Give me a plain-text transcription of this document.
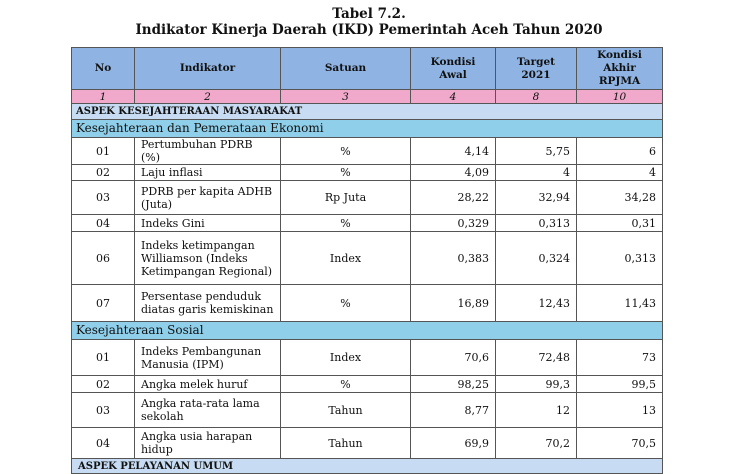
Tabel 7.2.
Indikator Kinerja Daerah (IKD) Pemerintah Aceh Tahun 2020
No	Indikator	Satuan	Kondisi Awal	Target 2021	Kondisi Akhir RPJMA
1	2	3	4	8	10
ASPEK KESEJAHTERAAN MASYARAKAT					
Kesejahteraan dan Pemerataan Ekonomi					
01	Pertumbuhan PDRB (%)	%	4,14	5,75	6
02	Laju inflasi	%	4,09	4	4
03	PDRB per kapita ADHB (Juta)	Rp Juta	28,22	32,94	34,28
04	Indeks Gini	%	0,329	0,313	0,31
06	Indeks ketimpangan Williamson (Indeks Ketimpangan Regional)	Index	0,383	0,324	0,313
07	Persentase penduduk diatas garis kemiskinan	%	16,89	12,43	11,43
Kesejahteraan Sosial					
01	Indeks Pembangunan Manusia (IPM)	Index	70,6	72,48	73
02	Angka melek huruf	%	98,25	99,3	99,5
03	Angka rata-rata lama sekolah	Tahun	8,77	12	13
04	Angka usia harapan hidup	Tahun	69,9	70,2	70,5
ASPEK PELAYANAN UMUM					
